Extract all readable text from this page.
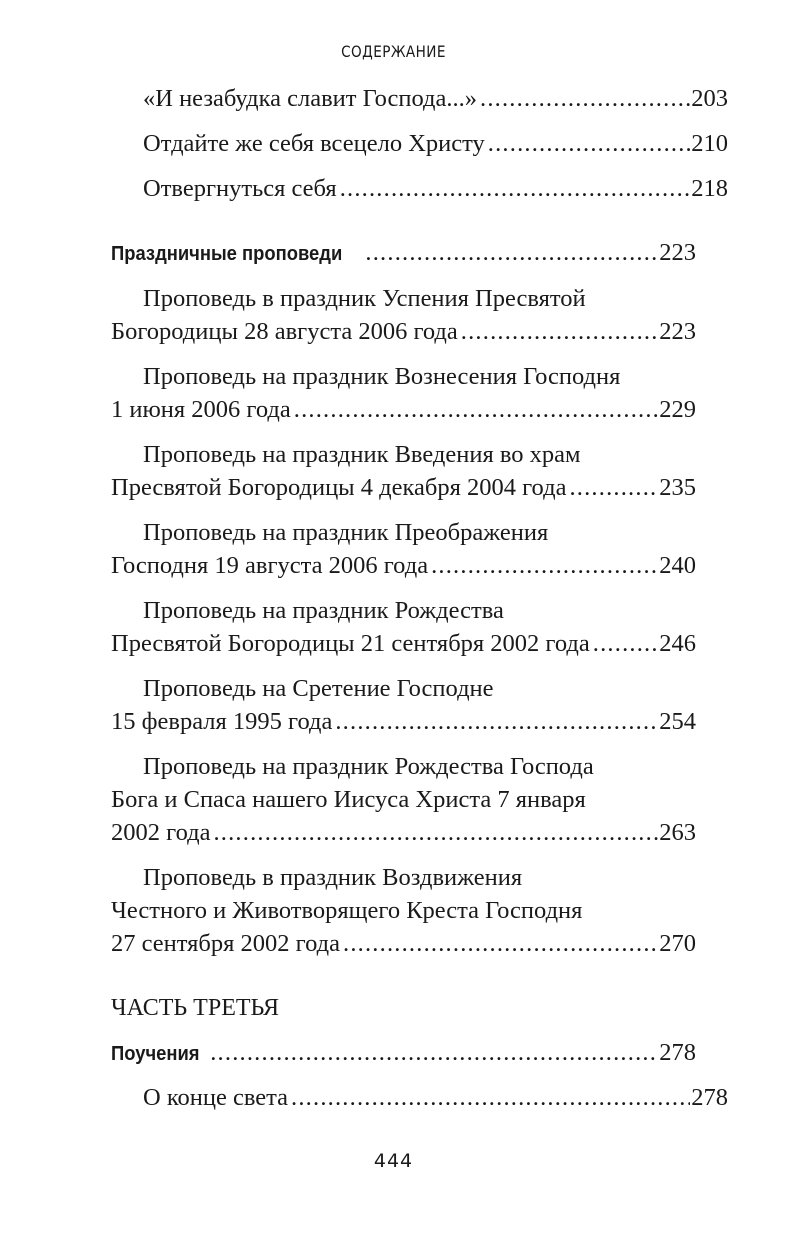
СОДЕРЖАНИЕ
«И незабудка славит Господа...» .....	203
Отдайте же себя всецело Христу .....	210
Отвергнуться себя .....	218
Праздничные проповеди .....	223
Проповедь в праздник Успения Пресвятой
Богородицы 28 августа 2006 года .....	223
Проповедь на праздник Вознесения Господня
1 июня 2006 года .....	229
Проповедь на праздник Введения во храм
Пресвятой Богородицы 4 декабря 2004 года .....	235
Проповедь на праздник Преображения
Господня 19 августа 2006 года .....	240
Проповедь на праздник Рождества
Пресвятой Богородицы 21 сентября 2002 года .....	246
Проповедь на Сретение Господне
15 февраля 1995 года .....	254
Проповедь на праздник Рождества Господа
Бога и Спаса нашего Иисуса Христа 7 января
2002 года .....	263
Проповедь в праздник Воздвижения
Честного и Животворящего Креста Господня
27 сентября 2002 года .....	270
ЧАСТЬ ТРЕТЬЯ
Поучения .....	278
О конце света .....	278
444
